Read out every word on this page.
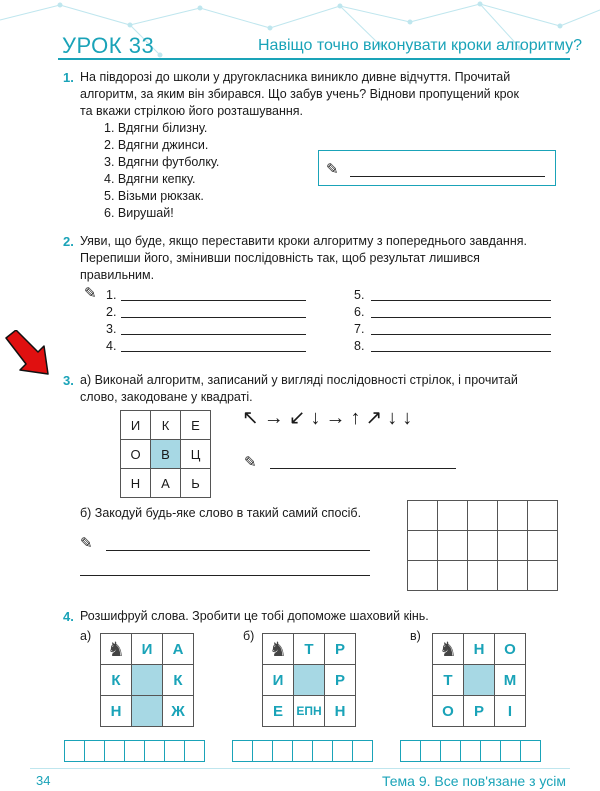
УРОК 33	Навіщо точно виконувати кроки алгоритму?
1. На півдорозі до школи у другокласника виникло дивне відчуття. Прочитай
алгоритм, за яким він збирався. Що забув учень? Віднови пропущений крок
та вкажи стрілкою його розташування.
1. Вдягни білизну.
2. Вдягни джинси.
3. Вдягни футболку.
4. Вдягни кепку.
5. Візьми рюкзак.
6. Вирушай!
✎
2. Уяви, що буде, якщо переставити кроки алгоритму з попереднього завдання.
Перепиши його, змінивши послідовність так, щоб результат лишився
правильним.
✎ 1.
2.
3.
4.
5.
6.
7.
8.
3. а) Виконай алгоритм, записаний у вигляді послідовності стрілок, і прочитай
слово, закодоване у квадраті.
И	К	Е
О	В	Ц
Н	А	Ь
↖→↙↓→↑↗↓↓
✎
б) Закодуй будь-яке слово в такий самий спосіб.
✎

4. Розшифруй слова. Зробити це тобі допоможе шаховий кінь.
а)
♞	И	А
К		К
Н		Ж

б)
♞	Т	Р
И		Р
Е	ЕПН	Н

в)
♞	Н	О
Т		М
О	Р	І

34	Тема 9. Все пов'язане з усім
